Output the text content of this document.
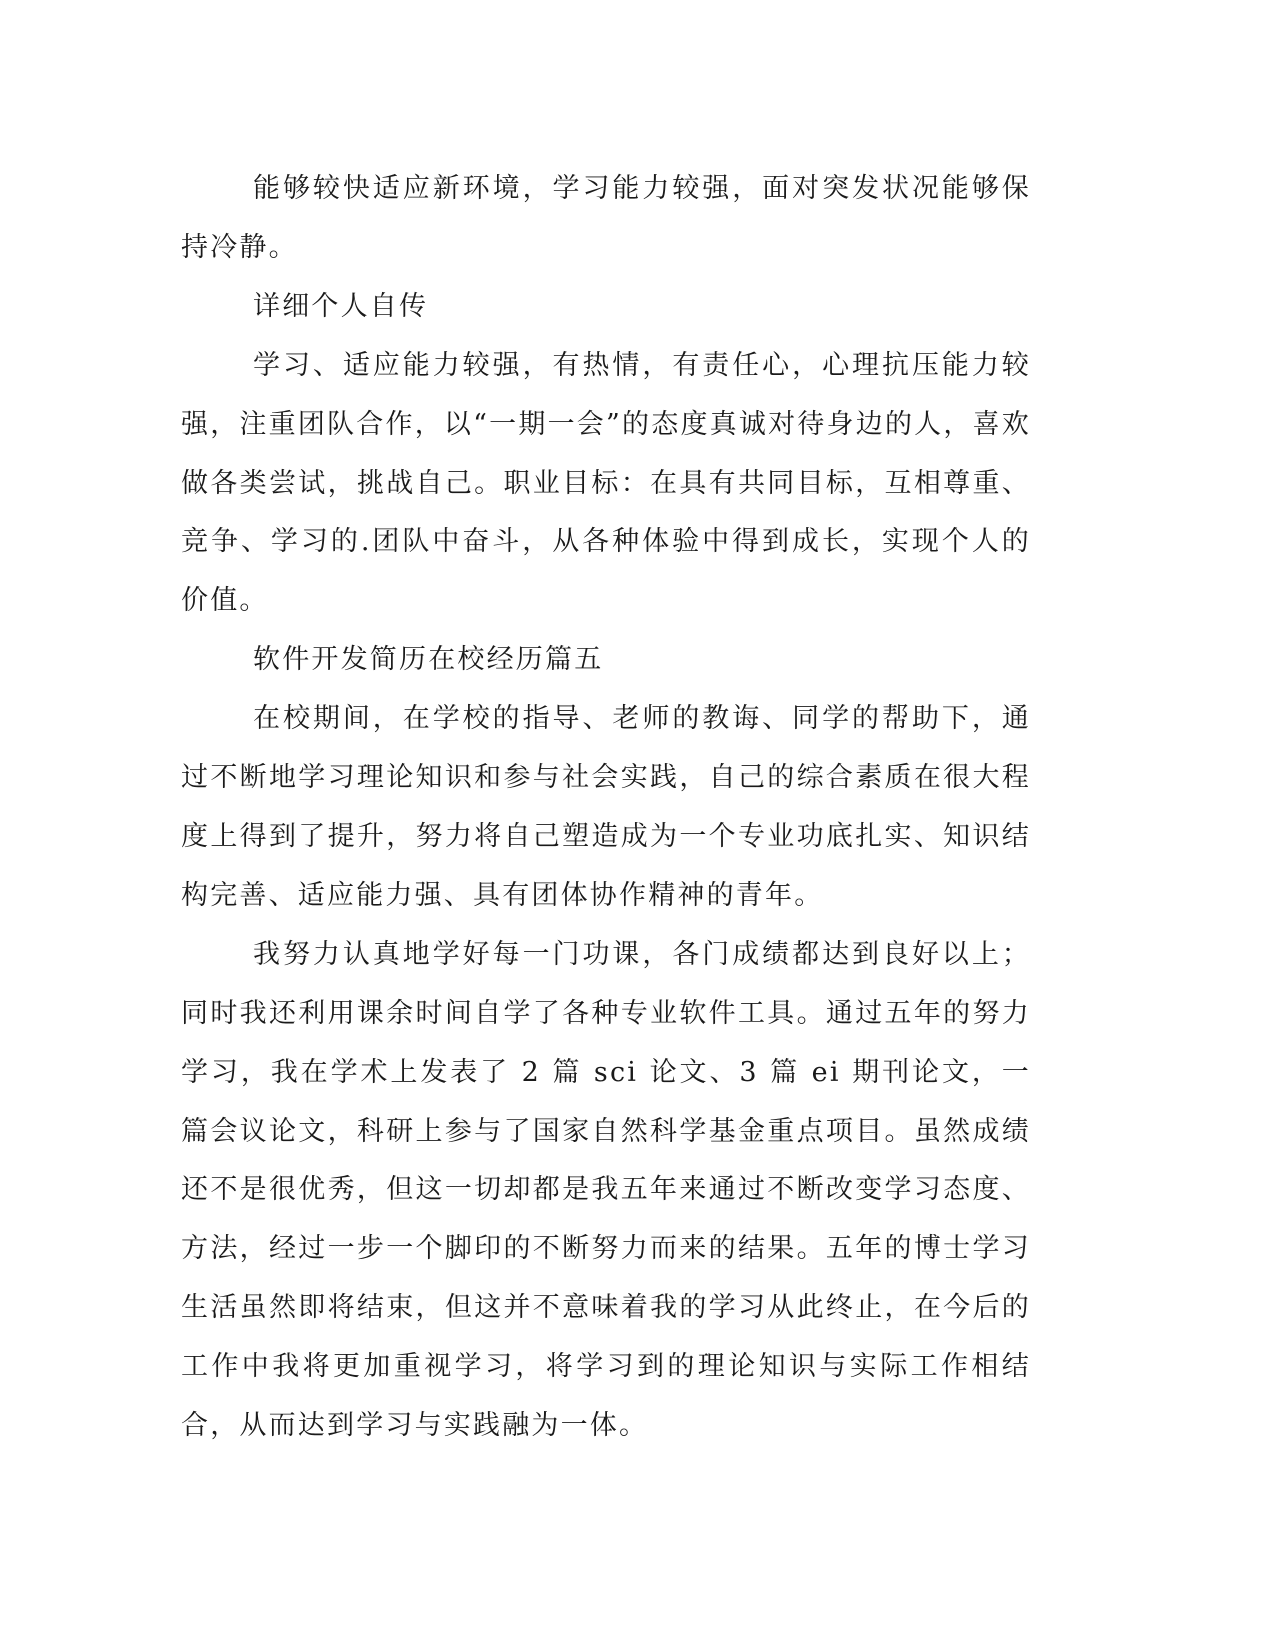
能够较快适应新环境，学习能力较强，面对突发状况能够保持冷静。

详细个人自传

学习、适应能力较强，有热情，有责任心，心理抗压能力较强，注重团队合作，以“一期一会”的态度真诚对待身边的人，喜欢做各类尝试，挑战自己。职业目标：在具有共同目标，互相尊重、竞争、学习的.团队中奋斗，从各种体验中得到成长，实现个人的价值。

软件开发简历在校经历篇五

在校期间，在学校的指导、老师的教诲、同学的帮助下，通过不断地学习理论知识和参与社会实践，自己的综合素质在很大程度上得到了提升，努力将自己塑造成为一个专业功底扎实、知识结构完善、适应能力强、具有团体协作精神的青年。

我努力认真地学好每一门功课，各门成绩都达到良好以上；同时我还利用课余时间自学了各种专业软件工具。通过五年的努力学习，我在学术上发表了 2 篇 sci 论文、3 篇 ei 期刊论文，一篇会议论文，科研上参与了国家自然科学基金重点项目。虽然成绩还不是很优秀，但这一切却都是我五年来通过不断改变学习态度、方法，经过一步一个脚印的不断努力而来的结果。五年的博士学习生活虽然即将结束，但这并不意味着我的学习从此终止，在今后的工作中我将更加重视学习，将学习到的理论知识与实际工作相结合，从而达到学习与实践融为一体。
